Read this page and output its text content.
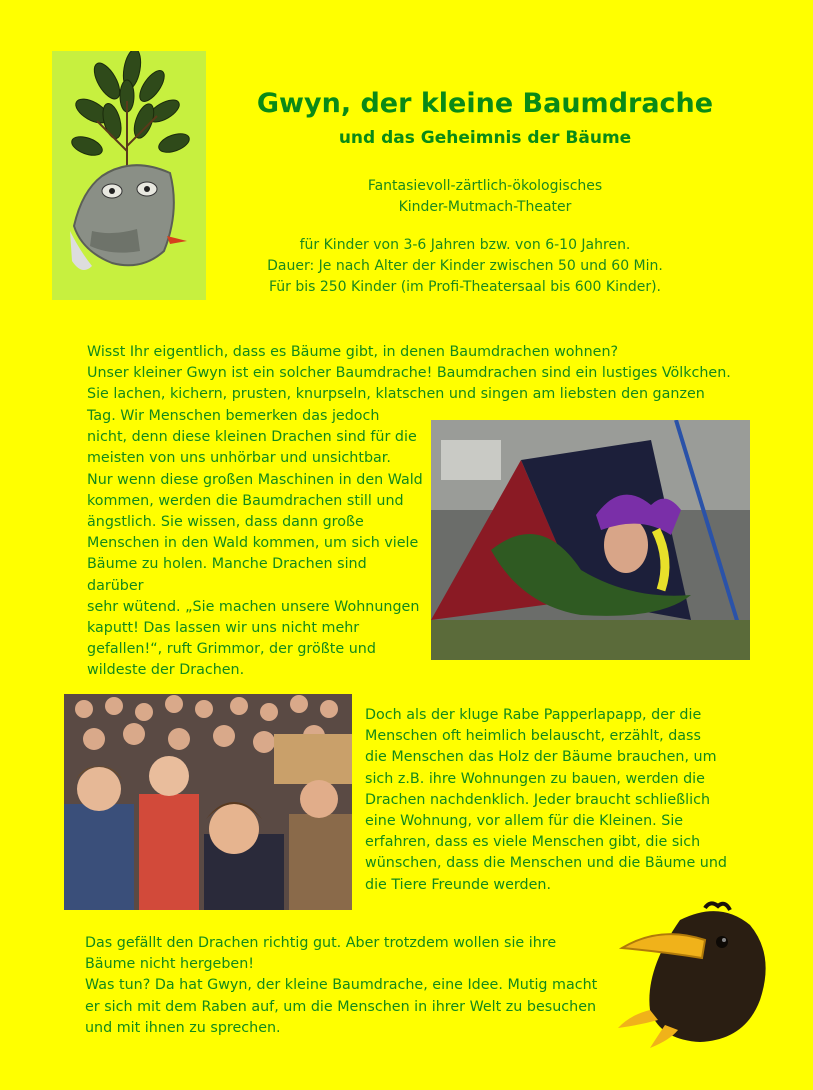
Gwyn, der kleine Baumdrache
und das Geheimnis der Bäume
Fantasievoll-zärtlich-ökologisches
Kinder-Mutmach-Theater
für Kinder von 3-6 Jahren bzw. von 6-10 Jahren.
Dauer: Je nach Alter der Kinder zwischen 50 und 60 Min.
Für bis 250 Kinder (im Profi-Theatersaal bis 600 Kinder).
Wisst Ihr eigentlich, dass es Bäume gibt, in denen Baumdrachen wohnen?
Unser kleiner Gwyn ist ein solcher Baumdrache! Baumdrachen sind ein lustiges Völkchen.
Sie lachen, kichern, prusten, knurpseln, klatschen und singen am liebsten den ganzen
Tag. Wir Menschen bemerken das jedoch
nicht, denn diese kleinen Drachen sind für die
meisten von uns unhörbar und unsichtbar.
Nur wenn diese großen Maschinen in den Wald
kommen, werden die Baumdrachen still und
ängstlich. Sie wissen, dass dann große
Menschen in den Wald kommen, um sich viele
Bäume zu holen. Manche Drachen sind darüber
sehr wütend. „Sie machen unsere Wohnungen
kaputt! Das lassen wir uns nicht mehr
gefallen!“, ruft Grimmor, der größte und
wildeste der Drachen.
Doch als der kluge Rabe Papperlapapp, der die
Menschen oft heimlich belauscht, erzählt, dass
die Menschen das Holz der Bäume brauchen, um
sich z.B. ihre Wohnungen zu bauen, werden die
Drachen nachdenklich. Jeder braucht schließlich
eine Wohnung, vor allem für die Kleinen. Sie
erfahren, dass es viele Menschen gibt, die sich
wünschen, dass die Menschen und die Bäume und
die Tiere Freunde werden.
Das gefällt den Drachen richtig gut. Aber trotzdem wollen sie ihre
Bäume nicht hergeben!
Was tun? Da hat Gwyn, der kleine Baumdrache, eine Idee. Mutig macht
er sich mit dem Raben auf, um die Menschen in ihrer Welt zu besuchen
und mit ihnen zu sprechen.
